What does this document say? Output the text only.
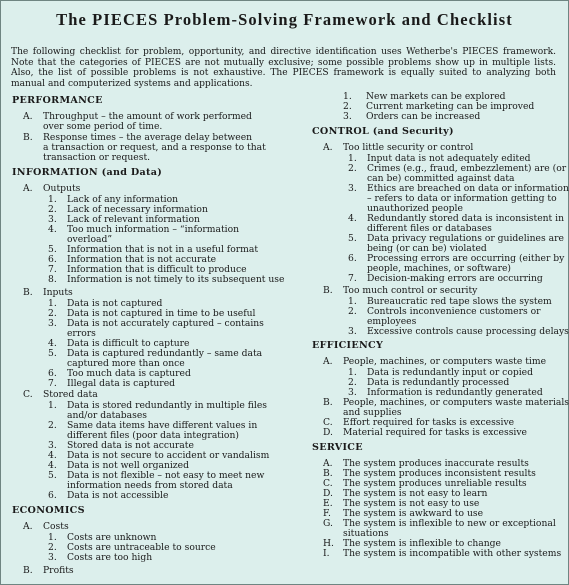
The PIECES Problem-Solving Framework and Checklist
The following checklist for problem, opportunity, and directive identification uses Wetherbe's PIECES framework. Note that the categories of PIECES are not mutually exclusive; some possible problems show up in multiple lists. Also, the list of possible problems is not exhaustive. The PIECES framework is equally suited to analyzing both manual and computerized systems and applications.
PERFORMANCE
A. Throughput – the amount of work performed
over some period of time.
B. Response times – the average delay between
a transaction or request, and a response to that
transaction or request.
INFORMATION (and Data)
A. Outputs
1. Lack of any information
2. Lack of necessary information
3. Lack of relevant information
4. Too much information – “information
overload”
5. Information that is not in a useful format
6. Information that is not accurate
7. Information that is difficult to produce
8. Information is not timely to its subsequent use
B. Inputs
1. Data is not captured
2. Data is not captured in time to be useful
3. Data is not accurately captured – contains
errors
4. Data is difficult to capture
5. Data is captured redundantly – same data
captured more than once
6. Too much data is captured
7. Illegal data is captured
C. Stored data
1. Data is stored redundantly in multiple files
and/or databases
2. Same data items have different values in
different files (poor data integration)
3. Stored data is not accurate
4. Data is not secure to accident or vandalism
4. Data is not well organized
5. Data is not flexible – not easy to meet new
information needs from stored data
6. Data is not accessible
ECONOMICS
A. Costs
1. Costs are unknown
2. Costs are untraceable to source
3. Costs are too high
B. Profits
1. New markets can be explored
2. Current marketing can be improved
3. Orders can be increased
CONTROL (and Security)
A. Too little security or control
1. Input data is not adequately edited
2. Crimes (e.g., fraud, embezzlement) are (or
can be) committed against data
3. Ethics are breached on data or information
– refers to data or information getting to
unauthorized people
4. Redundantly stored data is inconsistent in
different files or databases
5. Data privacy regulations or guidelines are
being (or can be) violated
6. Processing errors are occurring (either by
people, machines, or software)
7. Decision-making errors are occurring
B. Too much control or security
1. Bureaucratic red tape slows the system
2. Controls inconvenience customers or
employees
3. Excessive controls cause processing delays
EFFICIENCY
A. People, machines, or computers waste time
1. Data is redundantly input or copied
2. Data is redundantly processed
3. Information is redundantly generated
B. People, machines, or computers waste materials
and supplies
C. Effort required for tasks is excessive
D. Material required for tasks is excessive
SERVICE
A. The system produces inaccurate results
B. The system produces inconsistent results
C. The system produces unreliable results
D. The system is not easy to learn
E. The system is not easy to use
F. The system is awkward to use
G. The system is inflexible to new or exceptional
situations
H. The system is inflexible to change
I. The system is incompatible with other systems
